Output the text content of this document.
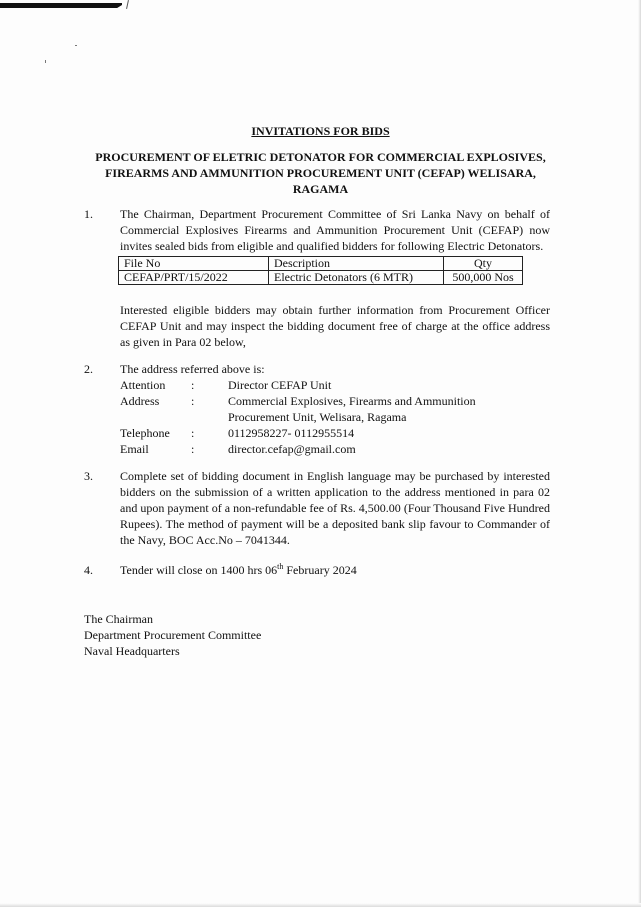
INVITATIONS FOR BIDS
PROCUREMENT OF ELETRIC DETONATOR FOR COMMERCIAL EXPLOSIVES,
FIREARMS AND AMMUNITION PROCUREMENT UNIT (CEFAP) WELISARA,
RAGAMA
1. The Chairman, Department Procurement Committee of Sri Lanka Navy on behalf of
Commercial Explosives Firearms and Ammunition Procurement Unit (CEFAP) now
invites sealed bids from eligible and qualified bidders for following Electric Detonators.
File No	Description	Qty
CEFAP/PRT/15/2022	Electric Detonators (6 MTR)	500,000 Nos
Interested eligible bidders may obtain further information from Procurement Officer
CEFAP Unit and may inspect the bidding document free of charge at the office address
as given in Para 02 below,
2. The address referred above is:
Attention :	Director CEFAP Unit
Address	:	Commercial Explosives, Firearms and Ammunition
Procurement Unit, Welisara, Ragama
Telephone :	0112958227- 0112955514
Email	:	director.cefap@gmail.com
3. Complete set of bidding document in English language may be purchased by interested
bidders on the submission of a written application to the address mentioned in para 02
and upon payment of a non-refundable fee of Rs. 4,500.00 (Four Thousand Five Hundred
Rupees). The method of payment will be a deposited bank slip favour to Commander of
the Navy, BOC Acc.No – 7041344.
4. Tender will close on 1400 hrs 06th February 2024
The Chairman
Department Procurement Committee
Naval Headquarters
